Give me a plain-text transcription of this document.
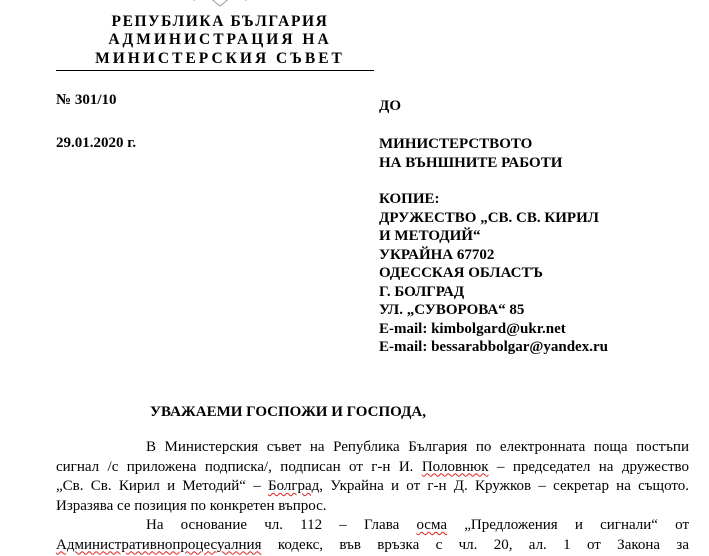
РЕПУБЛИКА БЪЛГАРИЯ
АДМИНИСТРАЦИЯ НА
МИНИСТЕРСКИЯ СЪВЕТ
№ 301/10
29.01.2020 г.
ДО
МИНИСТЕРСТВОТО
НА ВЪНШНИТЕ РАБОТИ
КОПИЕ:
ДРУЖЕСТВО „СВ. СВ. КИРИЛ
И МЕТОДИЙ“
УКРАЙНА 67702
ОДЕССКАЯ ОБЛАСТЪ
Г. БОЛГРАД
УЛ. „СУВОРОВА“ 85
E-mail: kimbolgard@ukr.net
E-mail: bessarabbolgar@yandex.ru
УВАЖАЕМИ ГОСПОЖИ И ГОСПОДА,
В Министерския съвет на Република България по електронната поща постъпи
сигнал /с приложена подписка/, подписан от г-н И. Половнюк – председател на дружество
„Св. Св. Кирил и Методий“ – Болград, Украйна и от г-н Д. Кружков – секретар на същото.
Изразява се позиция по конкретен въпрос.
На основание чл. 112 – Глава осма „Предложения и сигнали“ от
Административнопроцесуалния кодекс, във връзка с чл. 20, ал. 1 от Закона за
